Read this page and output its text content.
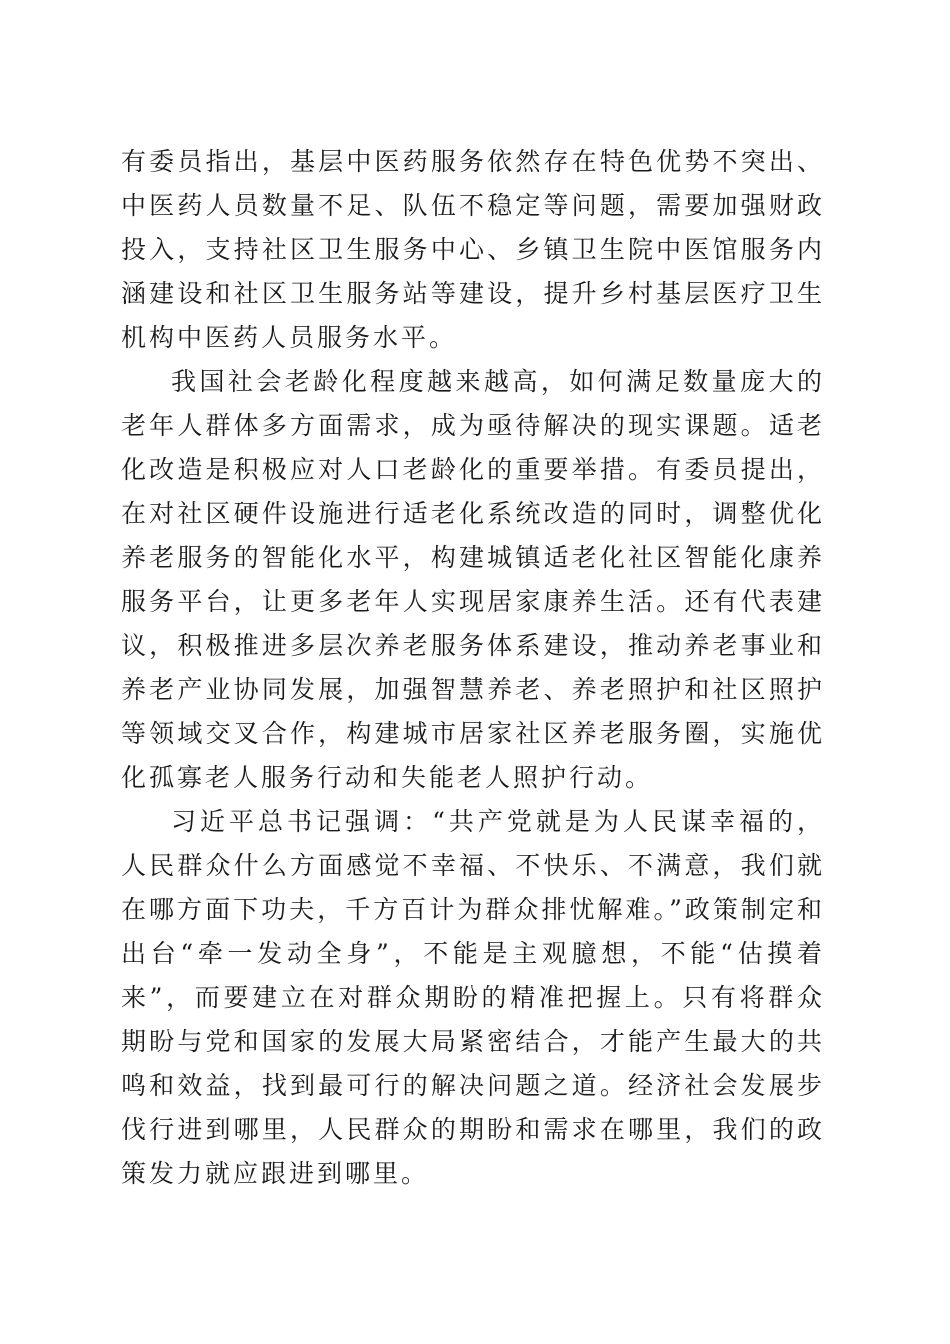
有委员指出，基层中医药服务依然存在特色优势不突出、中医药人员数量不足、队伍不稳定等问题，需要加强财政投入，支持社区卫生服务中心、乡镇卫生院中医馆服务内涵建设和社区卫生服务站等建设，提升乡村基层医疗卫生机构中医药人员服务水平。

我国社会老龄化程度越来越高，如何满足数量庞大的老年人群体多方面需求，成为亟待解决的现实课题。适老化改造是积极应对人口老龄化的重要举措。有委员提出，在对社区硬件设施进行适老化系统改造的同时，调整优化养老服务的智能化水平，构建城镇适老化社区智能化康养服务平台，让更多老年人实现居家康养生活。还有代表建议，积极推进多层次养老服务体系建设，推动养老事业和养老产业协同发展，加强智慧养老、养老照护和社区照护等领域交叉合作，构建城市居家社区养老服务圈，实施优化孤寡老人服务行动和失能老人照护行动。

习近平总书记强调：“共产党就是为人民谋幸福的，人民群众什么方面感觉不幸福、不快乐、不满意，我们就在哪方面下功夫，千方百计为群众排忧解难。”政策制定和出台“牵一发动全身”，不能是主观臆想，不能“估摸着来”，而要建立在对群众期盼的精准把握上。只有将群众期盼与党和国家的发展大局紧密结合，才能产生最大的共鸣和效益，找到最可行的解决问题之道。经济社会发展步伐行进到哪里，人民群众的期盼和需求在哪里，我们的政策发力就应跟进到哪里。
